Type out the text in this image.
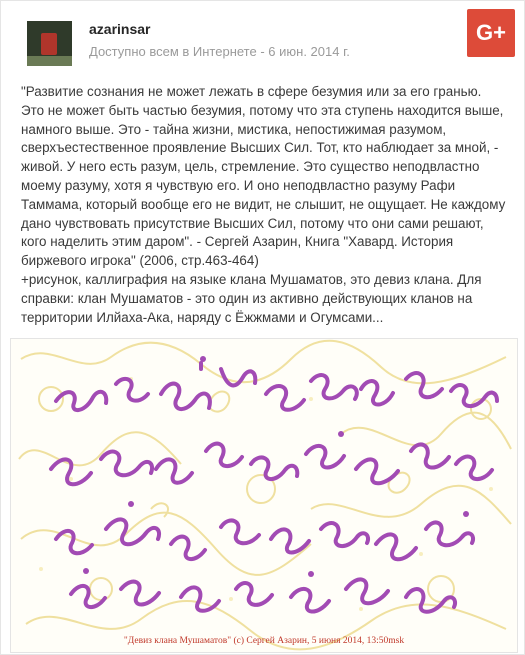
azarinsar
Доступно всем в Интернете - 6 июн. 2014 г.
G+

"Развитие сознания не может лежать в сфере безумия или за его гранью. Это не может быть частью безумия, потому что эта ступень находится выше, намного выше. Это - тайна жизни, мистика, непостижимая разумом, сверхъестественное проявление Высших Сил. Тот, кто наблюдает за мной, - живой. У него есть разум, цель, стремление. Это существо неподвластно моему разуму, хотя я чувствую его. И оно неподвластно разуму Рафи Таммама, который вообще его не видит, не слышит, не ощущает. Не каждому дано чувствовать присутствие Высших Сил, потому что они сами решают, кого наделить этим даром". - Сергей Азарин, Книга "Хавард. История биржевого игрока" (2006, стр.463-464)

+рисунок, каллиграфия на языке клана Мушаматов, это девиз клана. Для справки: клан Мушаматов - это один из активно действующих кланов на территории Илйаха-Ака, наряду с Ёжжмами и Огумсами...

"Девиз клана Мушаматов" (с) Сергей Азарин, 5 июня 2014, 13:50msk
